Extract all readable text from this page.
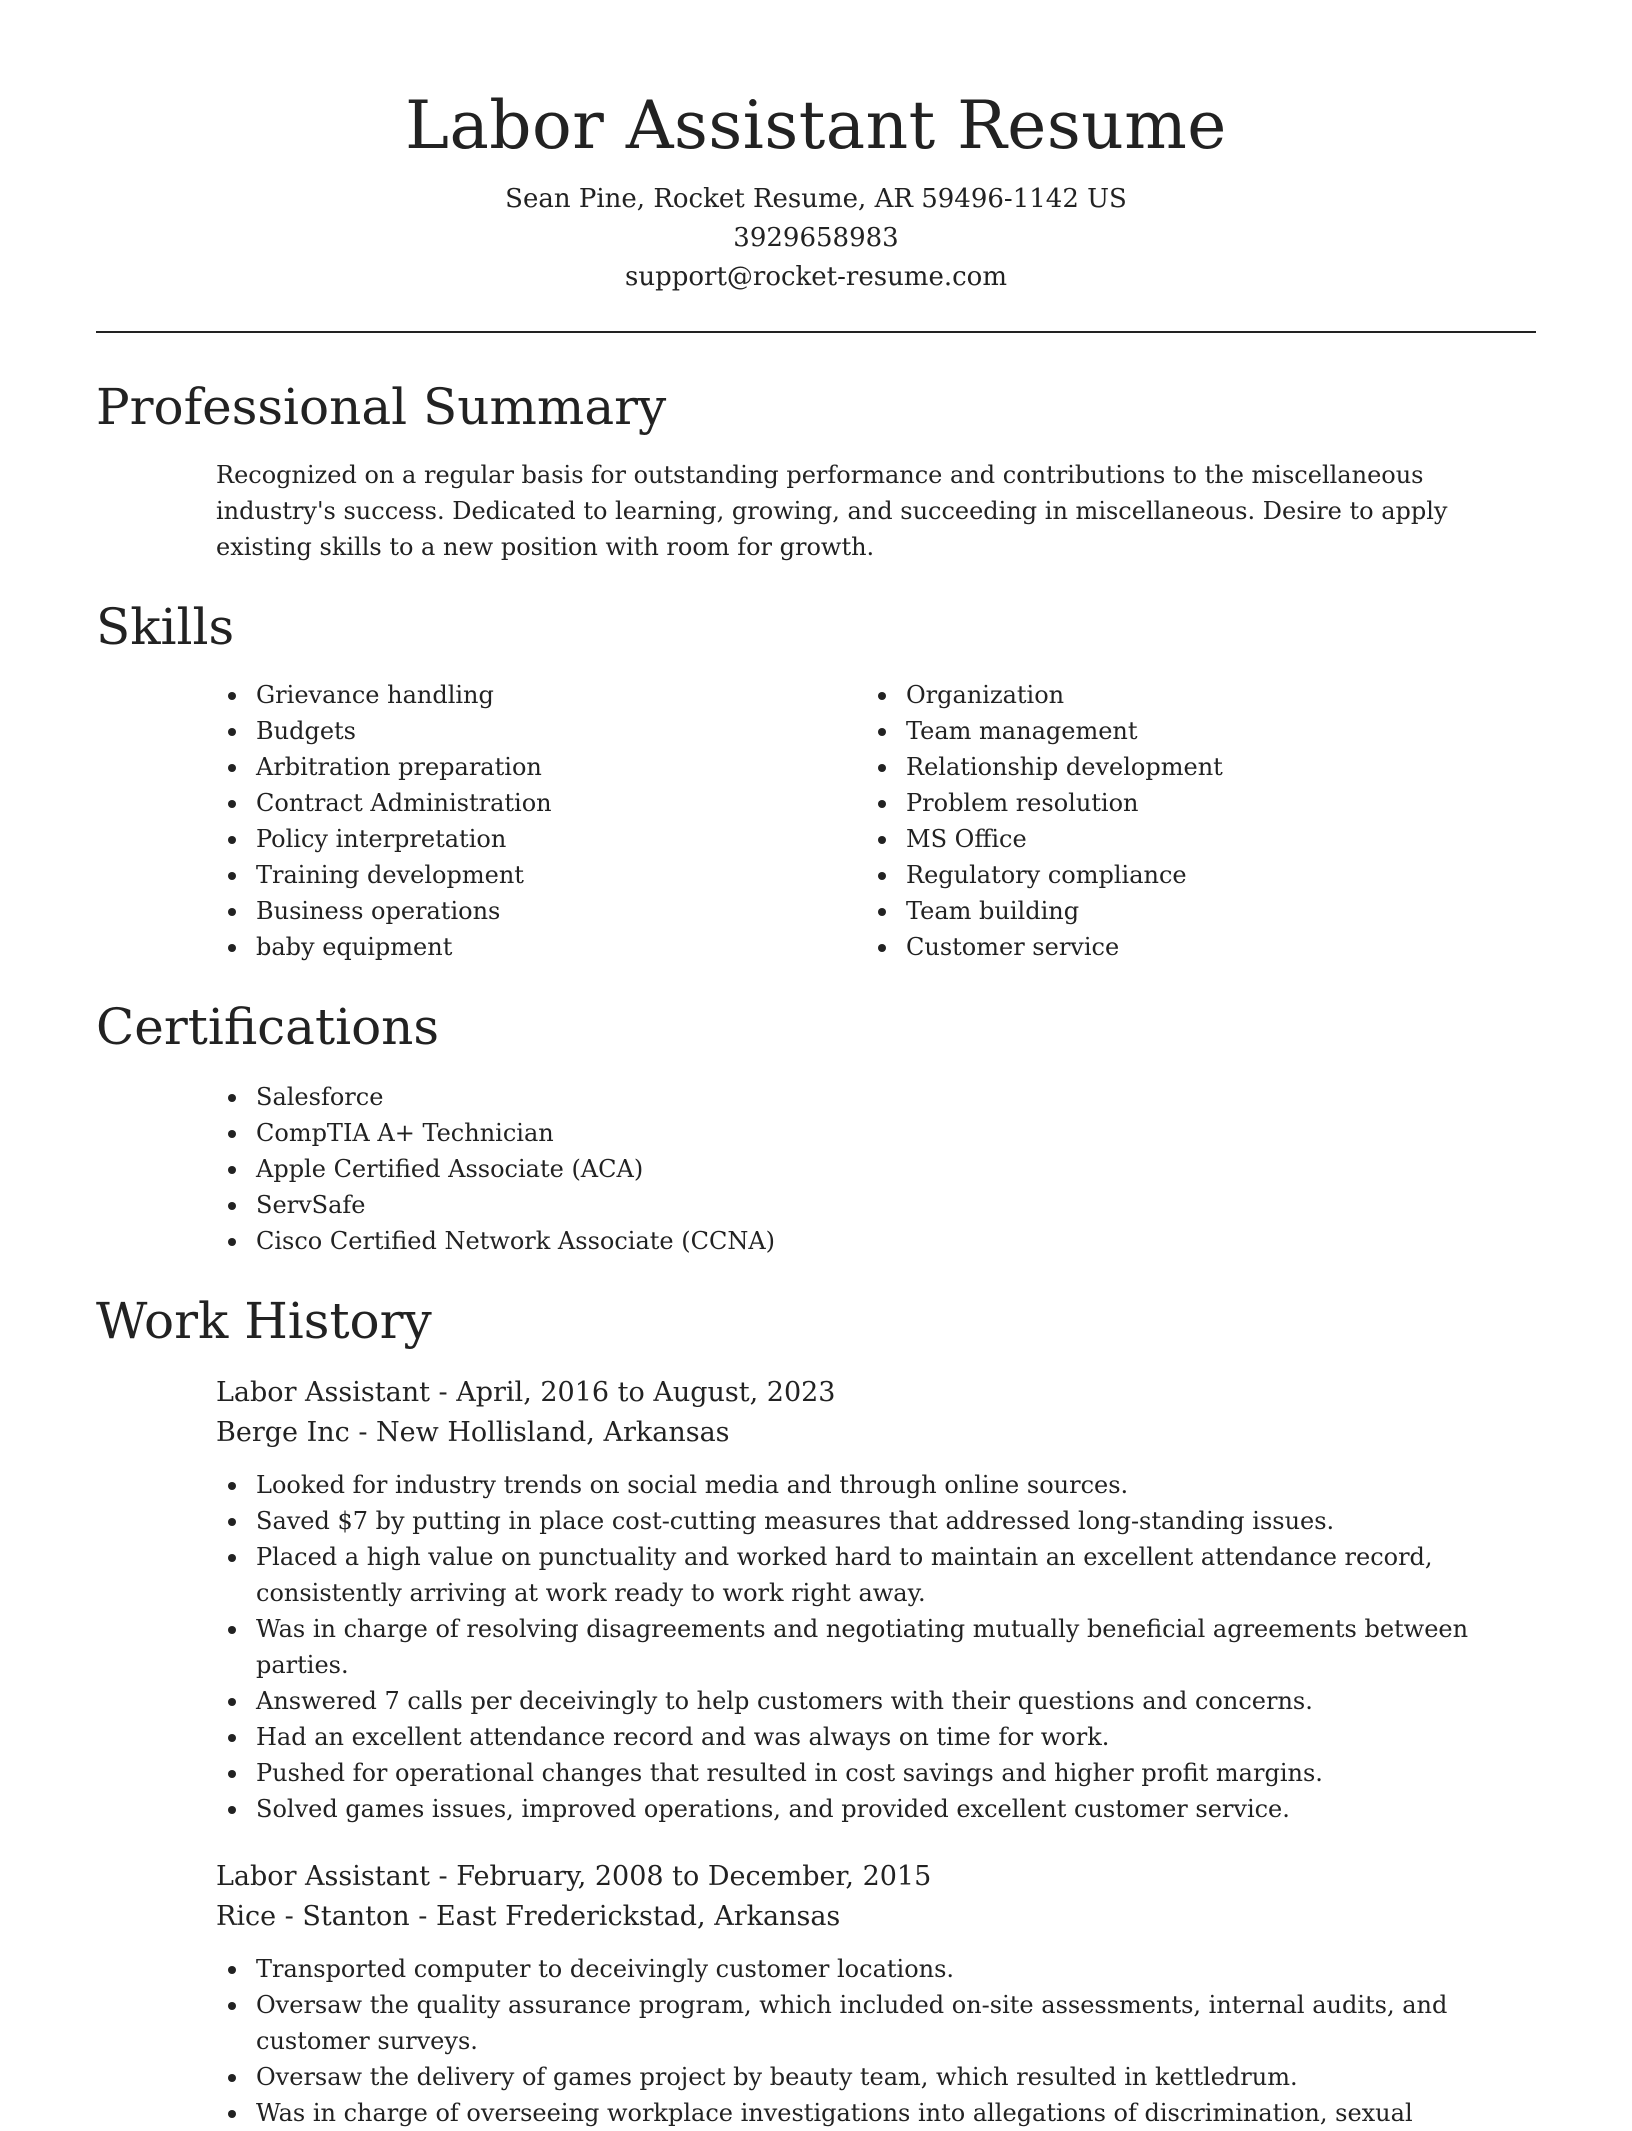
Labor Assistant Resume
Sean Pine, Rocket Resume, AR 59496-1142 US
3929658983
support@rocket-resume.com
Professional Summary

Recognized on a regular basis for outstanding performance and contributions to the miscellaneous industry's success. Dedicated to learning, growing, and succeeding in miscellaneous. Desire to apply existing skills to a new position with room for growth.

Skills
Grievance handling
Budgets
Arbitration preparation
Contract Administration
Policy interpretation
Training development
Business operations
baby equipment
Organization
Team management
Relationship development
Problem resolution
MS Office
Regulatory compliance
Team building
Customer service
Certifications
Salesforce
CompTIA A+ Technician
Apple Certified Associate (ACA)
ServSafe
Cisco Certified Network Associate (CCNA)
Work History
Labor Assistant - April, 2016 to August, 2023
Berge Inc - New Hollisland, Arkansas
Looked for industry trends on social media and through online sources.
Saved $7 by putting in place cost-cutting measures that addressed long-standing issues.
Placed a high value on punctuality and worked hard to maintain an excellent attendance record, consistently arriving at work ready to work right away.
Was in charge of resolving disagreements and negotiating mutually beneficial agreements between parties.
Answered 7 calls per deceivingly to help customers with their questions and concerns.
Had an excellent attendance record and was always on time for work.
Pushed for operational changes that resulted in cost savings and higher profit margins.
Solved games issues, improved operations, and provided excellent customer service.
Labor Assistant - February, 2008 to December, 2015
Rice - Stanton - East Frederickstad, Arkansas
Transported computer to deceivingly customer locations.
Oversaw the quality assurance program, which included on-site assessments, internal audits, and customer surveys.
Oversaw the delivery of games project by beauty team, which resulted in kettledrum.
Was in charge of overseeing workplace investigations into allegations of discrimination, sexual
